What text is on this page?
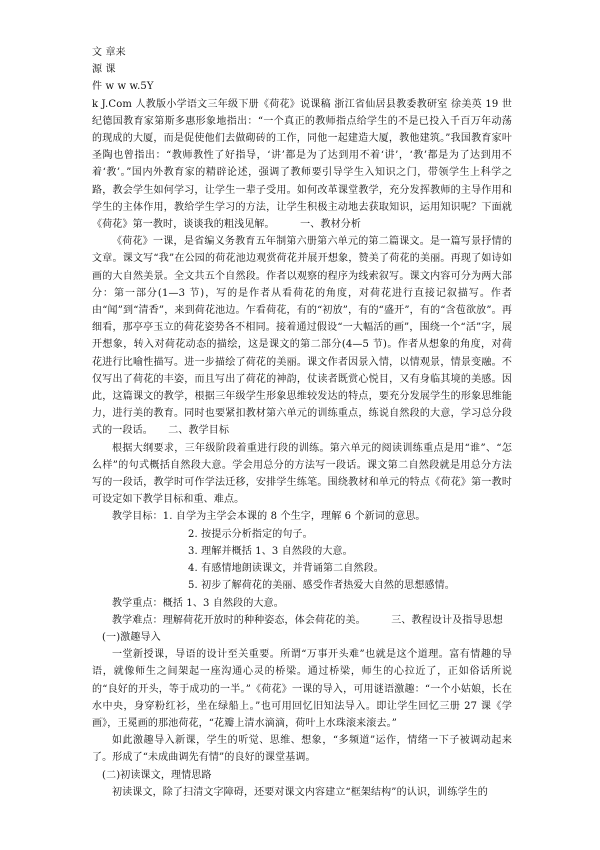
文 章来

源 课

件 w w w.5Y

k J.Com 人教版小学语文三年级下册《荷花》说课稿 浙江省仙居县教委教研室 徐美英 19 世纪德国教育家第斯多惠形象地指出：“一个真正的教师指点给学生的不是已投入千百万年动荡的现成的大厦，而是促使他们去做砌砖的工作，同他一起建造大厦，教他建筑。”我国教育家叶圣陶也曾指出：“教师教性了好指导，‘讲’都是为了达到用不着‘讲’，‘教’都是为了达到用不着‘教’。”国内外教育家的精辟论述，强调了教师要引导学生入知识之门，带领学生上科学之路，教会学生如何学习，让学生一辈子受用。如何改革课堂教学，充分发挥教师的主导作用和学生的主体作用，教给学生学习的方法，让学生积极主动地去获取知识，运用知识呢？下面就《荷花》第一教时，谈谈我的粗浅见解。　　　一、教材分析

《荷花》一课，是省编义务教育五年制第六册第六单元的第二篇课文。是一篇写景抒情的文章。课文写“我”在公园的荷花池边观赏荷花并展开想象，赞美了荷花的美丽。再现了如诗如画的大自然美景。全文共五个自然段。作者以观察的程序为线索叙写。课文内容可分为两大部分：第一部分(1—3 节)，写的是作者从看荷花的角度，对荷花进行直接记叙描写。作者由“闻”到“清香”，来到荷花池边。乍看荷花，有的“初放”，有的“盛开”，有的“含苞欲放”。再细看，那亭亭玉立的荷花姿势各不相同。接着通过假设“一大幅活的画”，围绕一个“活”字，展开想象，转入对荷花动态的描绘，这是课文的第二部分(4—5 节)。作者从想象的角度，对荷花进行比喻性描写。进一步描绘了荷花的美丽。课文作者因景入情，以情观景，情景变融。不仅写出了荷花的丰姿，而且写出了荷花的神韵，仗读者既赏心悦目，又有身临其境的美感。因此，这篇课文的教学，根据三年级学生形象思维较发达的特点，要充分发展学生的形象思维能力，进行美的教育。同时也要紧扣教材第六单元的训练重点，练说自然段的大意，学习总分段式的一段话。　　二、教学目标

根据大纲要求，三年级阶段着重进行段的训练。第六单元的阅读训练重点是用“谁”、“怎么样”的句式概括自然段大意。学会用总分的方法写一段话。课文第二自然段就是用总分方法写的一段话，教学时可作学法迁移，安排学生练笔。围绕教材和单元的特点《荷花》第一教时可设定如下教学目标和重、难点。

教学目标：1. 自学为主学会本课的 8 个生字，理解 6 个新词的意思。
2. 按提示分析指定的句子。
3. 理解并概括 1、3 自然段的大意。
4. 有感情地朗读课文，并背诵第二自然段。
5. 初步了解荷花的美丽、感受作者热爱大自然的思想感情。

教学重点：概括 1、3 自然段的大意。

教学难点：理解荷花开放时的种种姿态，体会荷花的美。　　　三、教程设计及指导思想

(一)激趣导入

一堂新授课，导语的设计至关重要。所谓“万事开头难”也就是这个道理。富有情趣的导语，就像师生之间架起一座沟通心灵的桥梁。通过桥梁，师生的心拉近了，正如俗话所说的“良好的开头，等于成功的一半。”《荷花》一课的导入，可用谜语激趣：“一个小姑娘，长在水中央，身穿粉红衫，坐在绿船上。”也可用回忆旧知法导入。即让学生回忆三册 27 课《学画》，王冕画的那池荷花，“花瓣上清水滴滴，荷叶上水珠滚来滚去。”

如此激趣导入新课，学生的听觉、思维、想象，“多频道”运作，情绪一下子被调动起来了。形成了“未成曲调先有情”的良好的课堂基调。

(二)初读课文，理情思路

初读课文，除了扫清文字障碍，还要对课文内容建立“框架结构”的认识，训练学生的
